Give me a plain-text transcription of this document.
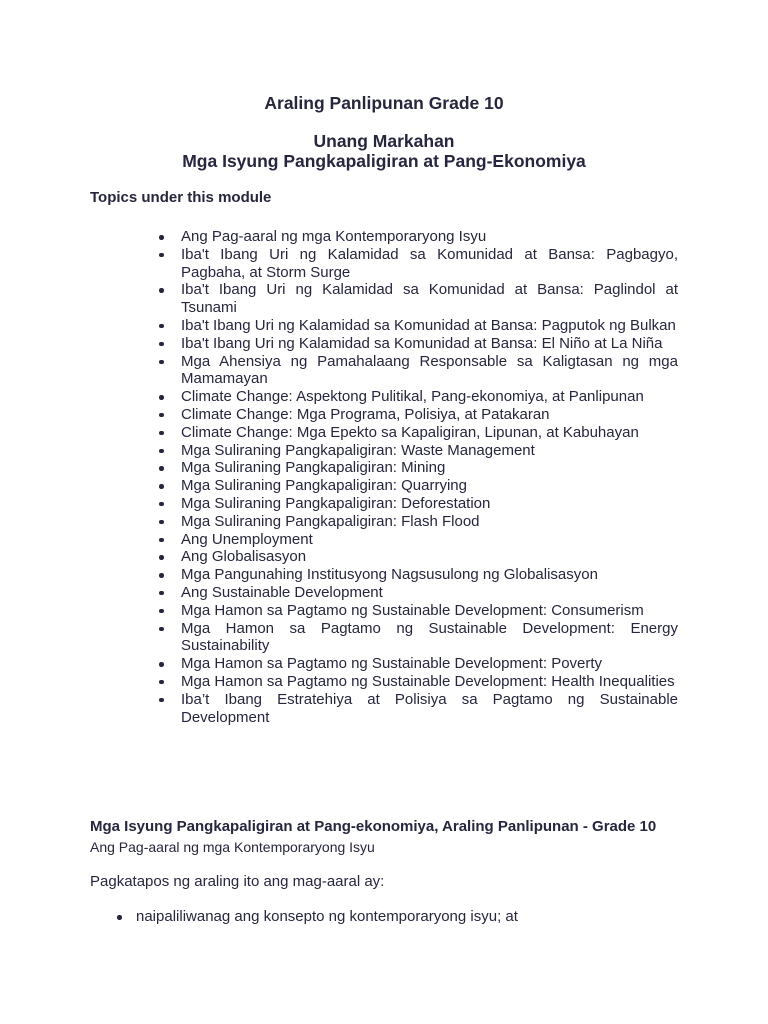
Araling Panlipunan Grade 10
Unang Markahan
Mga Isyung Pangkapaligiran at Pang-Ekonomiya
Topics under this module
Ang Pag-aaral ng mga Kontemporaryong Isyu
Iba't Ibang Uri ng Kalamidad sa Komunidad at Bansa: Pagbagyo, Pagbaha, at Storm Surge
Iba't Ibang Uri ng Kalamidad sa Komunidad at Bansa: Paglindol at Tsunami
Iba't Ibang Uri ng Kalamidad sa Komunidad at Bansa: Pagputok ng Bulkan
Iba't Ibang Uri ng Kalamidad sa Komunidad at Bansa: El Niño at La Niña
Mga Ahensiya ng Pamahalaang Responsable sa Kaligtasan ng mga Mamamayan
Climate Change: Aspektong Pulitikal, Pang-ekonomiya, at Panlipunan
Climate Change: Mga Programa, Polisiya, at Patakaran
Climate Change: Mga Epekto sa Kapaligiran, Lipunan, at Kabuhayan
Mga Suliraning Pangkapaligiran: Waste Management
Mga Suliraning Pangkapaligiran: Mining
Mga Suliraning Pangkapaligiran: Quarrying
Mga Suliraning Pangkapaligiran: Deforestation
Mga Suliraning Pangkapaligiran: Flash Flood
Ang Unemployment
Ang Globalisasyon
Mga Pangunahing Institusyong Nagsusulong ng Globalisasyon
Ang Sustainable Development
Mga Hamon sa Pagtamo ng Sustainable Development: Consumerism
Mga Hamon sa Pagtamo ng Sustainable Development: Energy Sustainability
Mga Hamon sa Pagtamo ng Sustainable Development: Poverty
Mga Hamon sa Pagtamo ng Sustainable Development: Health Inequalities
Iba’t Ibang Estratehiya at Polisiya sa Pagtamo ng Sustainable Development
Mga Isyung Pangkapaligiran at Pang-ekonomiya, Araling Panlipunan - Grade 10
Ang Pag-aaral ng mga Kontemporaryong Isyu
Pagkatapos ng araling ito ang mag-aaral ay:
naipaliliwanag ang konsepto ng kontemporaryong isyu; at
